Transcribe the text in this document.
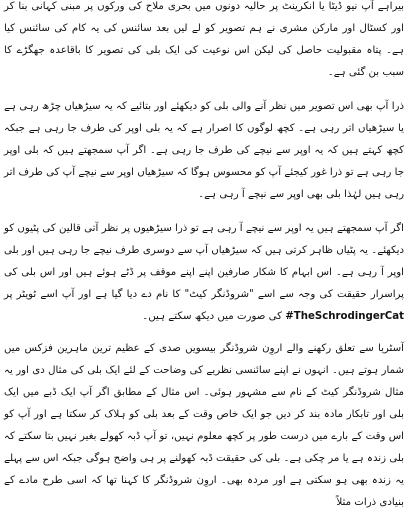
بیراہے آپ نیو ڈیٹا یا انکرینٹ پر حالیہ دونوں میں بحری ملاح کی ورکوں پر مبنی کہانی بنا کر اور کسٹال اور مارکن مشری نے ہم تصویر کو لے لیں بعد سائنس کی یہ کام کی سائنس کیا ہے۔ پتاہ مقبولیت حاصل کی لیکن اس نوعیت کی ایک بلی کی تصویر کا باقاعدہ جھگڑے کا سبب بن گئی ہے۔

ذرا آپ بھی اس تصویر میں نظر آنے والی بلی کو دیکھئے اور بتائیے کہ یہ سیڑھیاں چڑھ رہی ہے یا سیڑھیاں اتر رہی ہے۔ کچھ لوگوں کا اصرار ہے کہ یہ بلی اوپر کی طرف جا رہی ہے جبکہ کچھ کہتے ہیں کہ یہ اوپر سے نیچے کی طرف جا رہی ہے۔ اگر آپ سمجھتے ہیں کہ بلی اوپر جا رہی ہے تو ذرا غور کیجئے آپ کو محسوس ہوگا کہ سیڑھیاں اوپر سے نیچے آپ کی طرف اتر رہی ہیں لہٰذا بلی بھی اوپر سے نیچے آ رہی ہے۔

اگر آپ سمجھتے ہیں یہ اوپر سے نیچے آ رہی ہے تو ذرا سیڑھیوں پر نظر آتی قالین کی پٹیوں کو دیکھئے۔ یہ پٹیاں ظاہر کرتی ہیں کہ سیڑھیاں آپ سے دوسری طرف نیچے جا رہی ہیں اور بلی اوپر آ رہی ہے۔ اس ابہام کا شکار صارفین اپنے اپنے موقف پر ڈٹے ہوئے ہیں اور اس بلی کی پراسرار حقیقت کی وجہ سے اسے "شروڈنگر کیٹ" کا نام دے دیا گیا ہے اور آپ اسے ٹویٹر پر #TheSchrodingerCat کی صورت میں دیکھ سکتے ہیں۔

آسٹریا سے تعلق رکھنے والے اروِن شروڈنگر بیسویں صدی کے عظیم ترین ماہرین فزکس میں شمار ہوتے ہیں۔ انہوں نے اپنے سائنسی نظریے کی وضاحت کے لئے ایک بلی کی مثال دی اور یہ مثال شروڈنگر کیٹ کے نام سے مشہور ہوئی۔ اس مثال کے مطابق اگر آپ ایک ڈبے میں ایک بلی اور تابکار مادہ بند کر دیں جو ایک خاص وقت کے بعد بلی کو ہلاک کر سکتا ہے اور آپ کو اس وقت کے بارے میں درست طور پر کچھ معلوم نہیں، تو آپ ڈبہ کھولے بغیر نہیں بتا سکتے کہ بلی زندہ ہے یا مر چکی ہے۔ بلی کی حقیقت ڈبہ کھولنے پر ہی واضح ہوگی جبکہ اس سے پہلے یہ زندہ بھی ہو سکتی ہے اور مردہ بھی۔ اروِن شروڈنگر کا کہنا تھا کہ اسی طرح مادے کے بنیادی ذرات مثلاً
